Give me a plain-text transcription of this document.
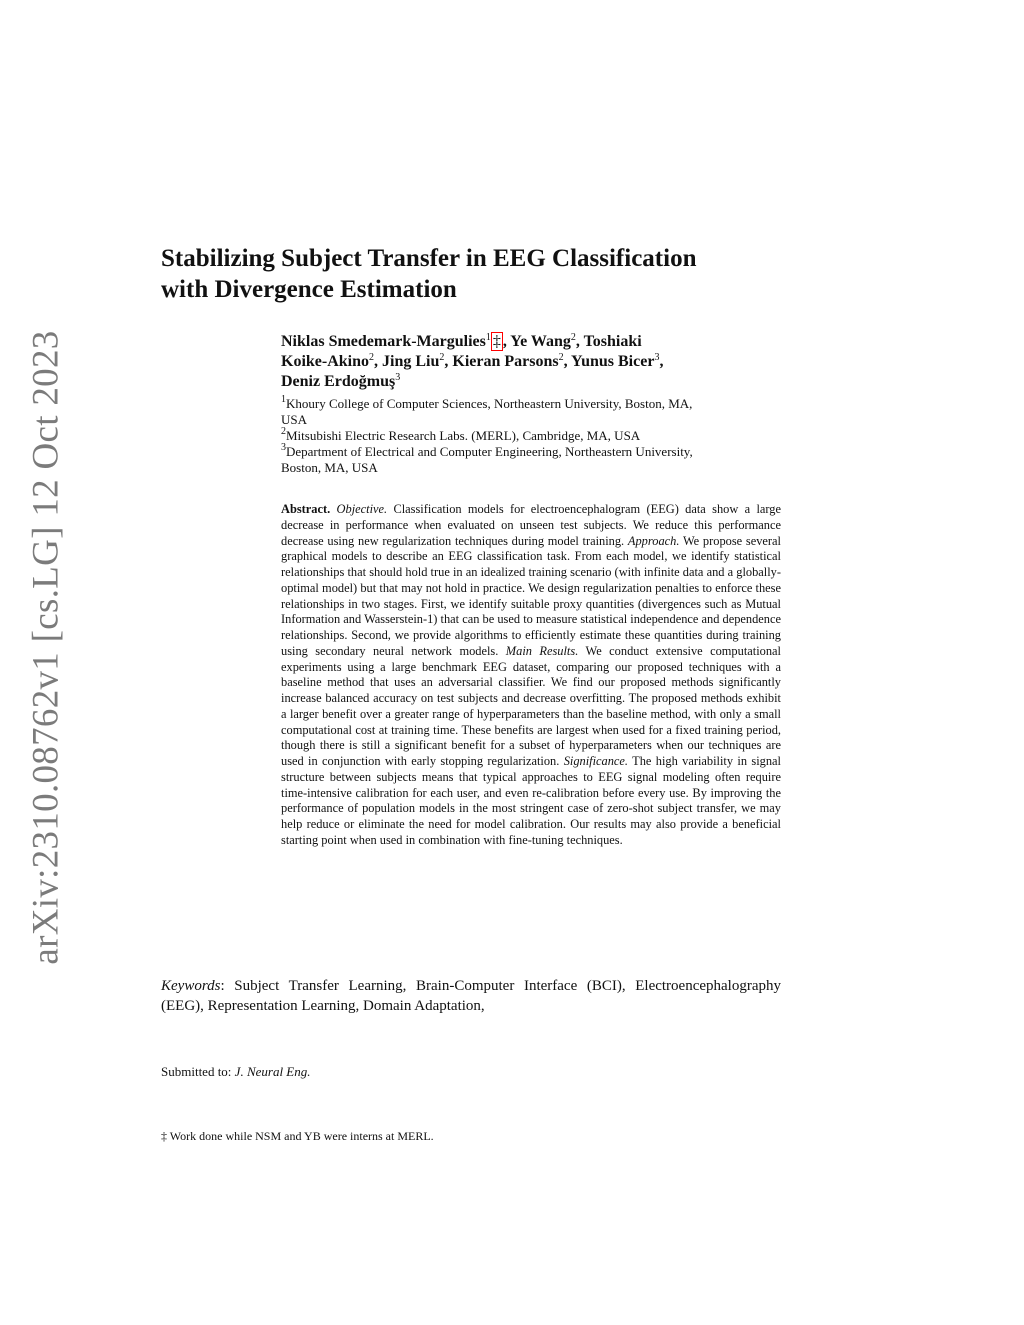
arXiv:2310.08762v1 [cs.LG] 12 Oct 2023
Stabilizing Subject Transfer in EEG Classification
with Divergence Estimation
Niklas Smedemark-Margulies$^1$ ‡ , Ye Wang$^2$, Toshiaki
Koike-Akino$^2$, Jing Liu$^2$, Kieran Parsons$^2$, Yunus Bicer$^3$,
Deniz Erdoğmuş$^3$
$^1$Khoury College of Computer Sciences, Northeastern University, Boston, MA,
USA
$^2$Mitsubishi Electric Research Labs. (MERL), Cambridge, MA, USA
$^3$Department of Electrical and Computer Engineering, Northeastern University,
Boston, MA, USA

Abstract. Objective. Classification models for electroencephalogram (EEG) data show a large decrease in performance when evaluated on unseen test subjects. We reduce this performance decrease using new regularization techniques during model training. Approach. We propose several graphical models to describe an EEG classification task. From each model, we identify statistical relationships that should hold true in an idealized training scenario (with infinite data and a globally-optimal model) but that may not hold in practice. We design regularization penalties to enforce these relationships in two stages. First, we identify suitable proxy quantities (divergences such as Mutual Information and Wasserstein-1) that can be used to measure statistical independence and dependence relationships. Second, we provide algorithms to efficiently estimate these quantities during training using secondary neural network models. Main Results. We conduct extensive computational experiments using a large benchmark EEG dataset, comparing our proposed techniques with a baseline method that uses an adversarial classifier. We find our proposed methods significantly increase balanced accuracy on test subjects and decrease overfitting. The proposed methods exhibit a larger benefit over a greater range of hyperparameters than the baseline method, with only a small computational cost at training time. These benefits are largest when used for a fixed training period, though there is still a significant benefit for a subset of hyperparameters when our techniques are used in conjunction with early stopping regularization. Significance. The high variability in signal structure between subjects means that typical approaches to EEG signal modeling often require time-intensive calibration for each user, and even re-calibration before every use. By improving the performance of population models in the most stringent case of zero-shot subject transfer, we may help reduce or eliminate the need for model calibration. Our results may also provide a beneficial starting point when used in combination with fine-tuning techniques.

Keywords: Subject Transfer Learning, Brain-Computer Interface (BCI), Electroencephalography (EEG), Representation Learning, Domain Adaptation,

Submitted to: J. Neural Eng.
‡ Work done while NSM and YB were interns at MERL.
